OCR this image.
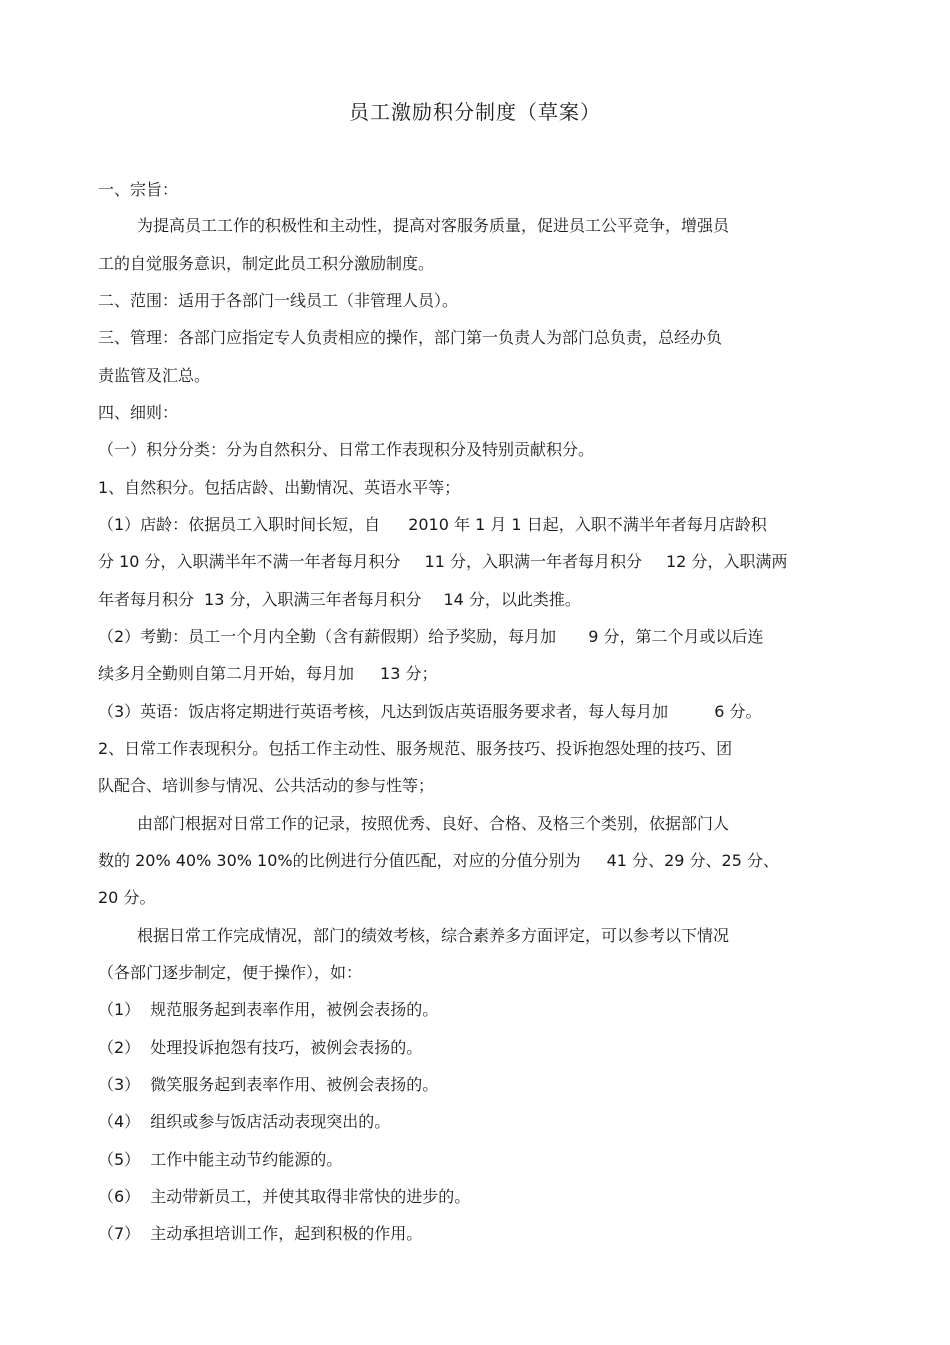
员工激励积分制度（草案）
一、宗旨：
为提高员工工作的积极性和主动性，提高对客服务质量，促进员工公平竞争，增强员
工的自觉服务意识，制定此员工积分激励制度。
二、范围：适用于各部门一线员工（非管理人员）。
三、管理：各部门应指定专人负责相应的操作，部门第一负责人为部门总负责，总经办负
责监管及汇总。
四、细则：
（一）积分分类：分为自然积分、日常工作表现积分及特别贡献积分。
1、自然积分。包括店龄、出勤情况、英语水平等；
（1）店龄：依据员工入职时间长短，自 2010 年 1 月 1 日起，入职不满半年者每月店龄积
分 10 分，入职满半年不满一年者每月积分 11 分，入职满一年者每月积分 12 分，入职满两
年者每月积分 13 分，入职满三年者每月积分 14 分，以此类推。
（2）考勤：员工一个月内全勤（含有薪假期）给予奖励，每月加 9 分，第二个月或以后连
续多月全勤则自第二月开始，每月加 13 分；
（3）英语：饭店将定期进行英语考核，凡达到饭店英语服务要求者，每人每月加	6 分。
2、日常工作表现积分。包括工作主动性、服务规范、服务技巧、投诉抱怨处理的技巧、团
队配合、培训参与情况、公共活动的参与性等；
由部门根据对日常工作的记录，按照优秀、良好、合格、及格三个类别，依据部门人
数的 20% 40% 30% 10%的比例进行分值匹配，对应的分值分别为 41 分、29 分、25 分、
20 分。
根据日常工作完成情况，部门的绩效考核，综合素养多方面评定，可以参考以下情况
（各部门逐步制定，便于操作），如：
（1） 规范服务起到表率作用，被例会表扬的。
（2） 处理投诉抱怨有技巧，被例会表扬的。
（3） 微笑服务起到表率作用、被例会表扬的。
（4） 组织或参与饭店活动表现突出的。
（5） 工作中能主动节约能源的。
（6） 主动带新员工，并使其取得非常快的进步的。
（7） 主动承担培训工作，起到积极的作用。
